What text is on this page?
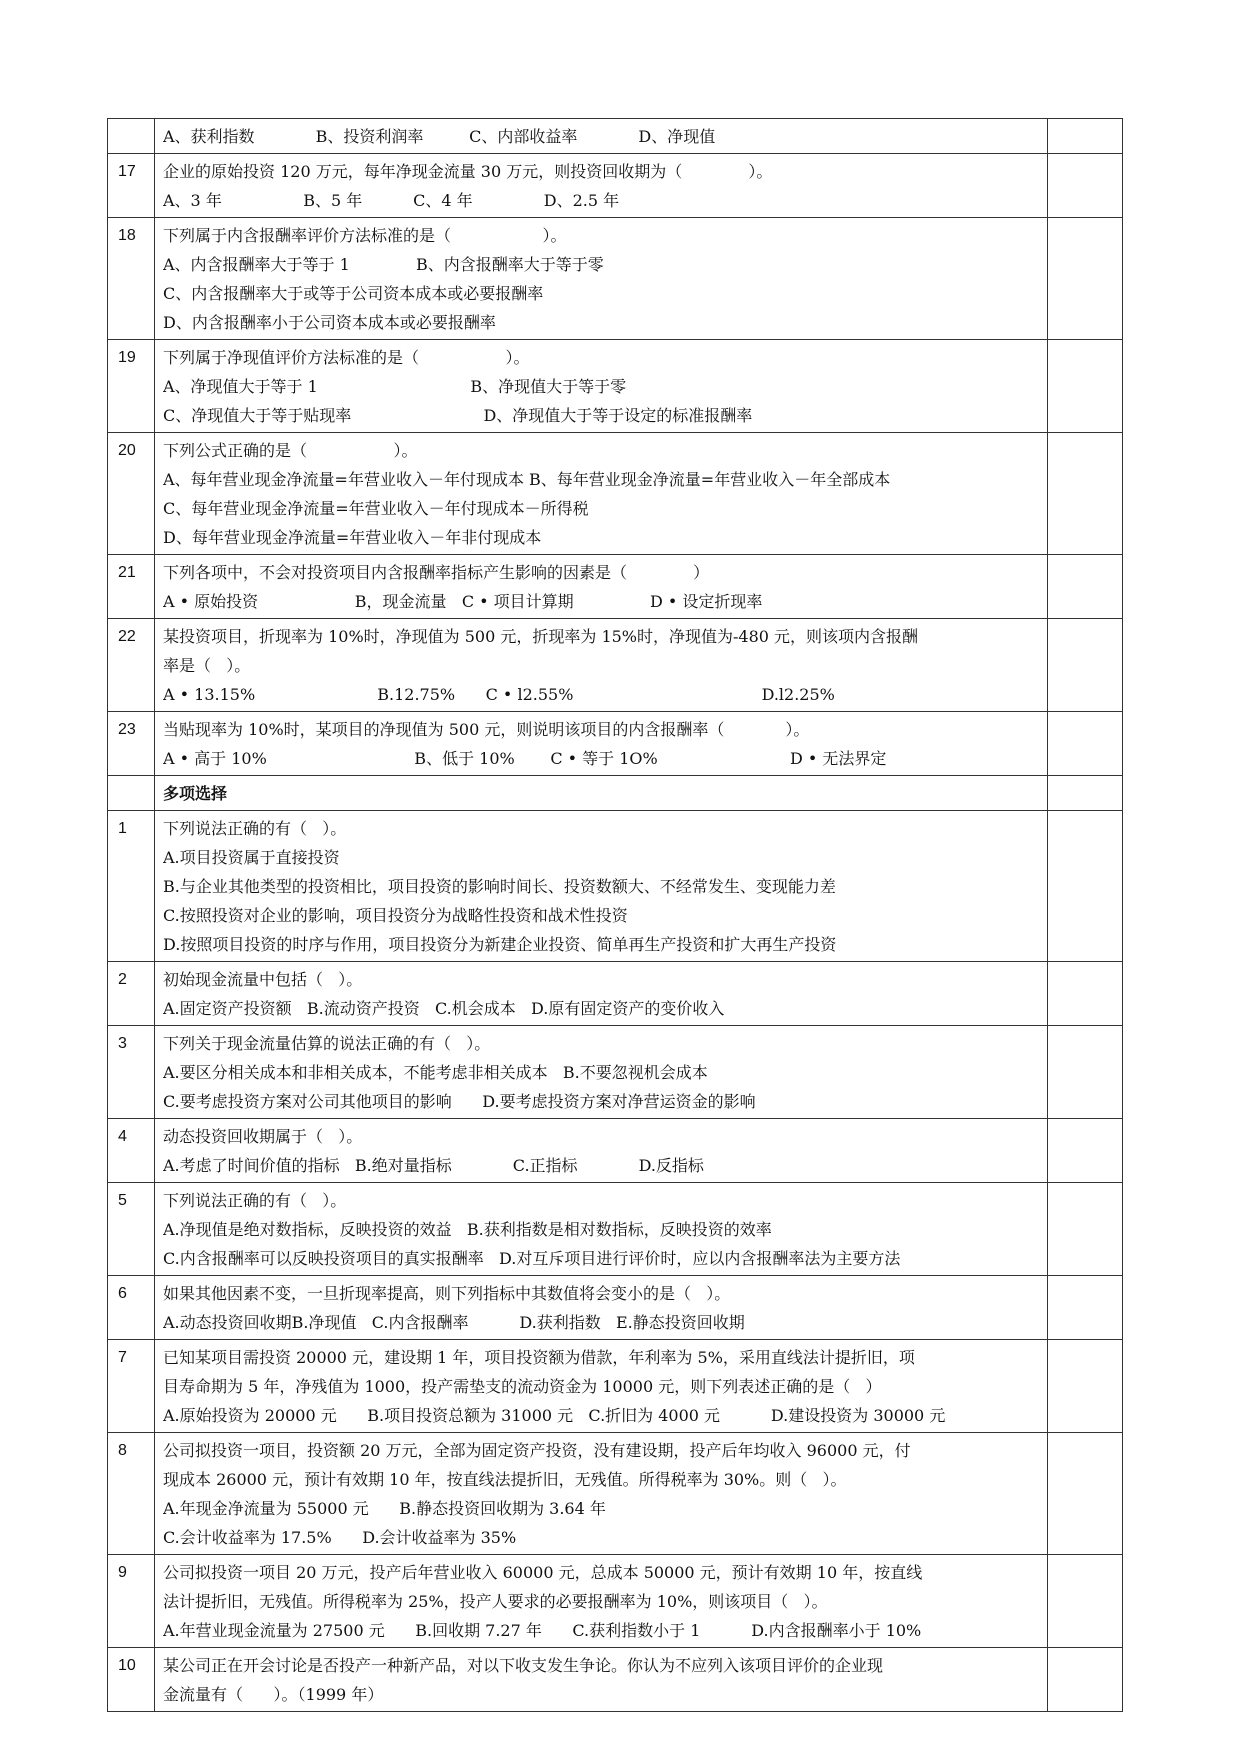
	A、获利指数            B、投资利润率         C、内部收益率            D、净现值	

17	企业的原始投资 120 万元，每年净现金流量 30 万元，则投资回收期为（             ）。
A、3 年                B、5 年          C、4 年              D、2.5 年	

18	下列属于内含报酬率评价方法标准的是（                  ）。
A、内含报酬率大于等于 1             B、内含报酬率大于等于零
C、内含报酬率大于或等于公司资本成本或必要报酬率
D、内含报酬率小于公司资本成本或必要报酬率	

19	下列属于净现值评价方法标准的是（                 ）。
A、净现值大于等于 1                              B、净现值大于等于零
C、净现值大于等于贴现率                          D、净现值大于等于设定的标准报酬率	

20	下列公式正确的是（                 ）。
A、每年营业现金净流量=年营业收入－年付现成本 B、每年营业现金净流量=年营业收入－年全部成本
C、每年营业现金净流量=年营业收入－年付现成本－所得税
D、每年营业现金净流量=年营业收入－年非付现成本	

21	下列各项中，不会对投资项目内含报酬率指标产生影响的因素是（             ）
A • 原始投资                   B，现金流量   C • 项目计算期               D • 设定折现率	

22	某投资项目，折现率为 10%时，净现值为 500 元，折现率为 15%时，净现值为-480 元，则该项内含报酬
率是（   ）。
A • 13.15%                        B.12.75%      C • l2.55%                                     D.l2.25%	

23	当贴现率为 10%时，某项目的净现值为 500 元，则说明该项目的内含报酬率（            ）。
A • 高于 10%                             B、低于 10%       C • 等于 1O%                          D • 无法界定	

	多项选择	

1	下列说法正确的有（   ）。
A.项目投资属于直接投资
B.与企业其他类型的投资相比，项目投资的影响时间长、投资数额大、不经常发生、变现能力差
C.按照投资对企业的影响，项目投资分为战略性投资和战术性投资
D.按照项目投资的时序与作用，项目投资分为新建企业投资、简单再生产投资和扩大再生产投资	

2	初始现金流量中包括（   ）。
A.固定资产投资额   B.流动资产投资   C.机会成本   D.原有固定资产的变价收入	

3	下列关于现金流量估算的说法正确的有（   ）。
A.要区分相关成本和非相关成本，不能考虑非相关成本   B.不要忽视机会成本
C.要考虑投资方案对公司其他项目的影响      D.要考虑投资方案对净营运资金的影响	

4	动态投资回收期属于（   ）。
A.考虑了时间价值的指标   B.绝对量指标            C.正指标            D.反指标	

5	下列说法正确的有（   ）。
A.净现值是绝对数指标，反映投资的效益   B.获利指数是相对数指标，反映投资的效率
C.内含报酬率可以反映投资项目的真实报酬率   D.对互斥项目进行评价时，应以内含报酬率法为主要方法	

6	如果其他因素不变，一旦折现率提高，则下列指标中其数值将会变小的是（   ）。
A.动态投资回收期B.净现值   C.内含报酬率          D.获利指数   E.静态投资回收期	

7	已知某项目需投资 20000 元，建设期 1 年，项目投资额为借款，年利率为 5%，采用直线法计提折旧，项
目寿命期为 5 年，净残值为 1000，投产需垫支的流动资金为 10000 元，则下列表述正确的是（   ）
A.原始投资为 20000 元      B.项目投资总额为 31000 元   C.折旧为 4000 元          D.建设投资为 30000 元	

8	公司拟投资一项目，投资额 20 万元，全部为固定资产投资，没有建设期，投产后年均收入 96000 元，付
现成本 26000 元，预计有效期 10 年，按直线法提折旧，无残值。所得税率为 30%。则（   ）。
A.年现金净流量为 55000 元      B.静态投资回收期为 3.64 年
C.会计收益率为 17.5%      D.会计收益率为 35%	

9	公司拟投资一项目 20 万元，投产后年营业收入 60000 元，总成本 50000 元，预计有效期 10 年，按直线
法计提折旧，无残值。所得税率为 25%，投产人要求的必要报酬率为 10%，则该项目（   ）。
A.年营业现金流量为 27500 元      B.回收期 7.27 年      C.获利指数小于 1          D.内含报酬率小于 10%	

10	某公司正在开会讨论是否投产一种新产品，对以下收支发生争论。你认为不应列入该项目评价的企业现
金流量有（      ）。（1999 年）	
